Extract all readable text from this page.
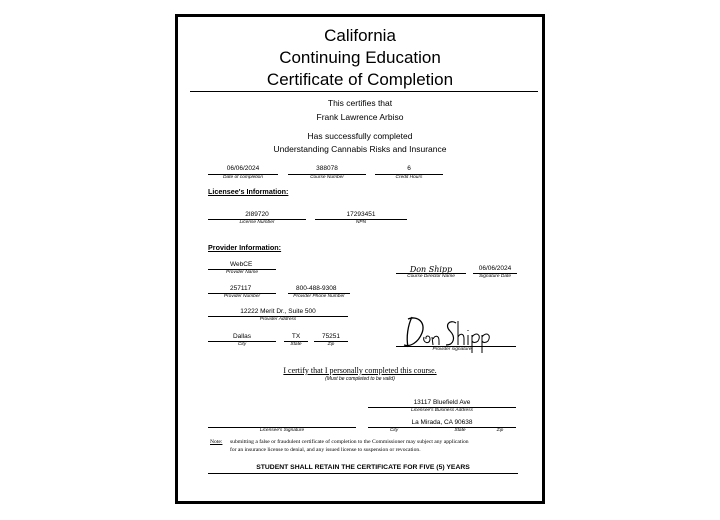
California
Continuing Education
Certificate of Completion
This certifies that
Frank Lawrence Arbiso
Has successfully completed
Understanding Cannabis Risks and Insurance
06/06/2024
Date of completion
388078
Course Number
6
Credit Hours
Licensee's Information:
2I89720
License Number
17293451
NPN
Provider Information:
WebCE
Provider Name	Don Shipp
Course Director Name
06/06/2024
Signature Date
257117
Provider Number
800-488-9308
Provider Phone Number
12222 Merit Dr., Suite 500
Provider Address
Dallas
City
TX
State
75251
Zip
Provider signature
I certify that I personally completed this course.
(Must be completed to be valid)
13117 Bluefield Ave
Licensee's Business Address
Licensee's Signature
La Mirada, CA 90638
City	State	Zip
Note: submitting a false or fraudulent certificate of completion to the Commissioner may subject any application
for an insurance license to denial, and any issued license to suspension or revocation.
STUDENT SHALL RETAIN THE CERTIFICATE FOR FIVE (5) YEARS
